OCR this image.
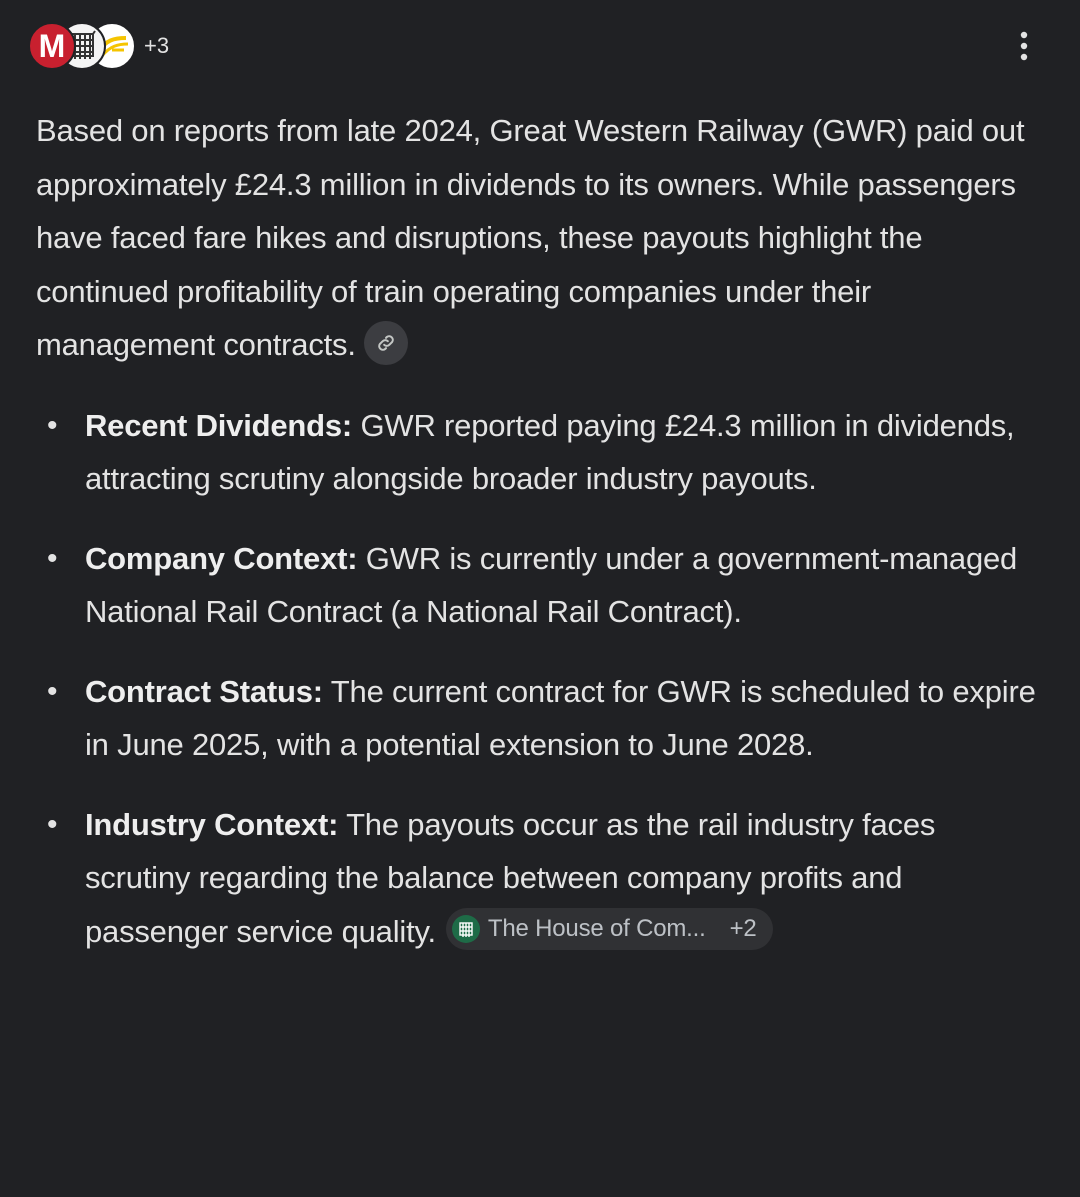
M	+3

Based on reports from late 2024, Great Western Railway (GWR) paid out approximately £24.3 million in dividends to its owners. While passengers have faced fare hikes and disruptions, these payouts highlight the continued profitability of train operating companies under their management contracts.

• Recent Dividends: GWR reported paying £24.3 million in dividends, attracting scrutiny alongside broader industry payouts.
• Company Context: GWR is currently under a government-managed National Rail Contract (a National Rail Contract).
• Contract Status: The current contract for GWR is scheduled to expire in June 2025, with a potential extension to June 2028.
• Industry Context: The payouts occur as the rail industry faces scrutiny regarding the balance between company profits and passenger service quality. The House of Com... +2
